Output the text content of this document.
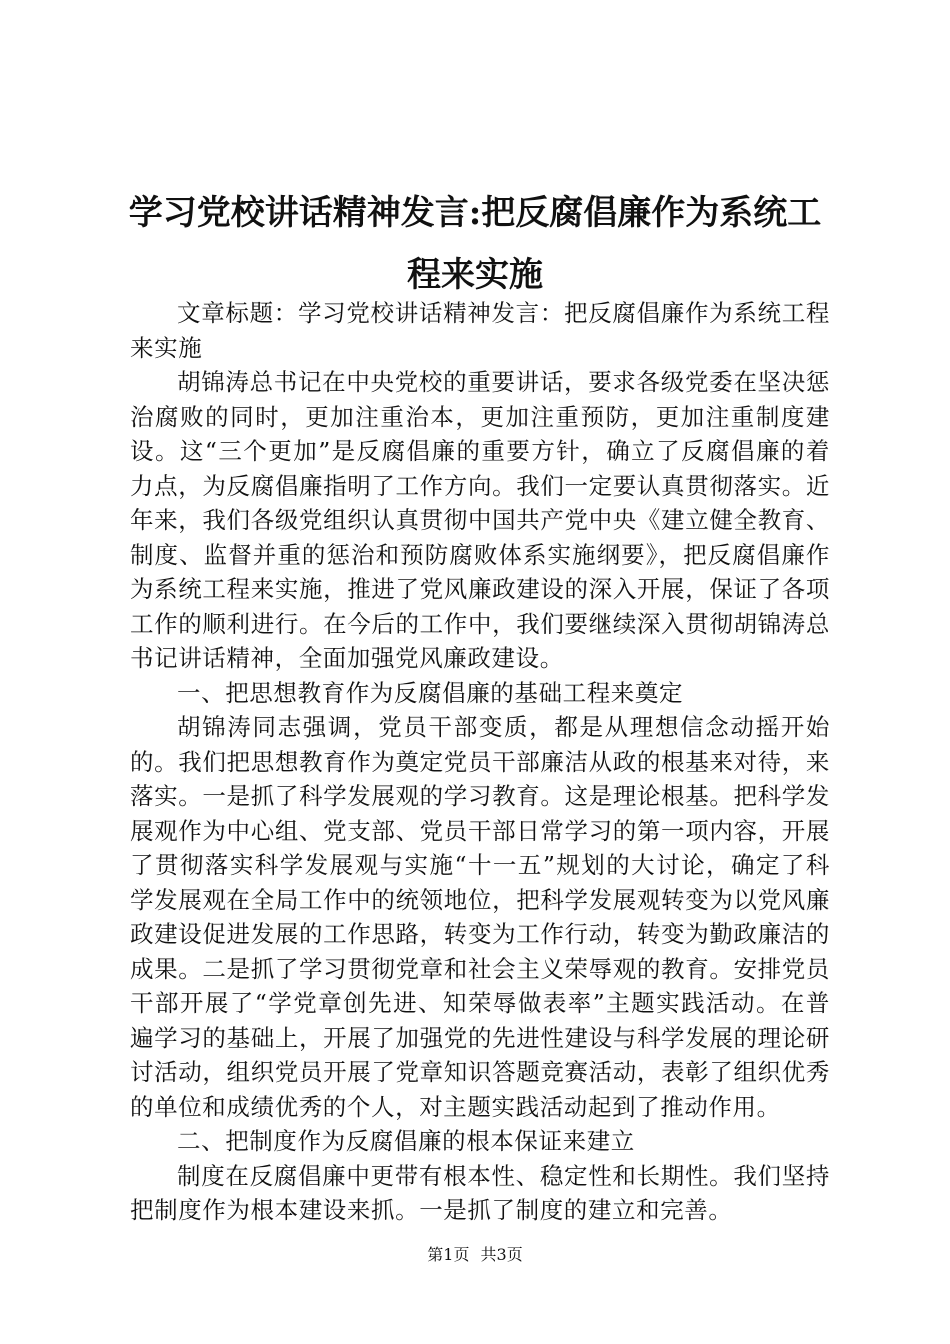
学习党校讲话精神发言:把反腐倡廉作为系统工程来实施

文章标题：学习党校讲话精神发言：把反腐倡廉作为系统工程来实施

胡锦涛总书记在中央党校的重要讲话，要求各级党委在坚决惩治腐败的同时，更加注重治本，更加注重预防，更加注重制度建设。这“三个更加”是反腐倡廉的重要方针，确立了反腐倡廉的着力点，为反腐倡廉指明了工作方向。我们一定要认真贯彻落实。近年来，我们各级党组织认真贯彻中国共产党中央《建立健全教育、制度、监督并重的惩治和预防腐败体系实施纲要》，把反腐倡廉作为系统工程来实施，推进了党风廉政建设的深入开展，保证了各项工作的顺利进行。在今后的工作中，我们要继续深入贯彻胡锦涛总书记讲话精神，全面加强党风廉政建设。

一、把思想教育作为反腐倡廉的基础工程来奠定

胡锦涛同志强调，党员干部变质，都是从理想信念动摇开始的。我们把思想教育作为奠定党员干部廉洁从政的根基来对待，来落实。一是抓了科学发展观的学习教育。这是理论根基。把科学发展观作为中心组、党支部、党员干部日常学习的第一项内容，开展了贯彻落实科学发展观与实施“十一五”规划的大讨论，确定了科学发展观在全局工作中的统领地位，把科学发展观转变为以党风廉政建设促进发展的工作思路，转变为工作行动，转变为勤政廉洁的成果。二是抓了学习贯彻党章和社会主义荣辱观的教育。安排党员干部开展了“学党章创先进、知荣辱做表率”主题实践活动。在普遍学习的基础上，开展了加强党的先进性建设与科学发展的理论研讨活动，组织党员开展了党章知识答题竞赛活动，表彰了组织优秀的单位和成绩优秀的个人，对主题实践活动起到了推动作用。

二、把制度作为反腐倡廉的根本保证来建立

制度在反腐倡廉中更带有根本性、稳定性和长期性。我们坚持把制度作为根本建设来抓。一是抓了制度的建立和完善。

第1页 共3页
